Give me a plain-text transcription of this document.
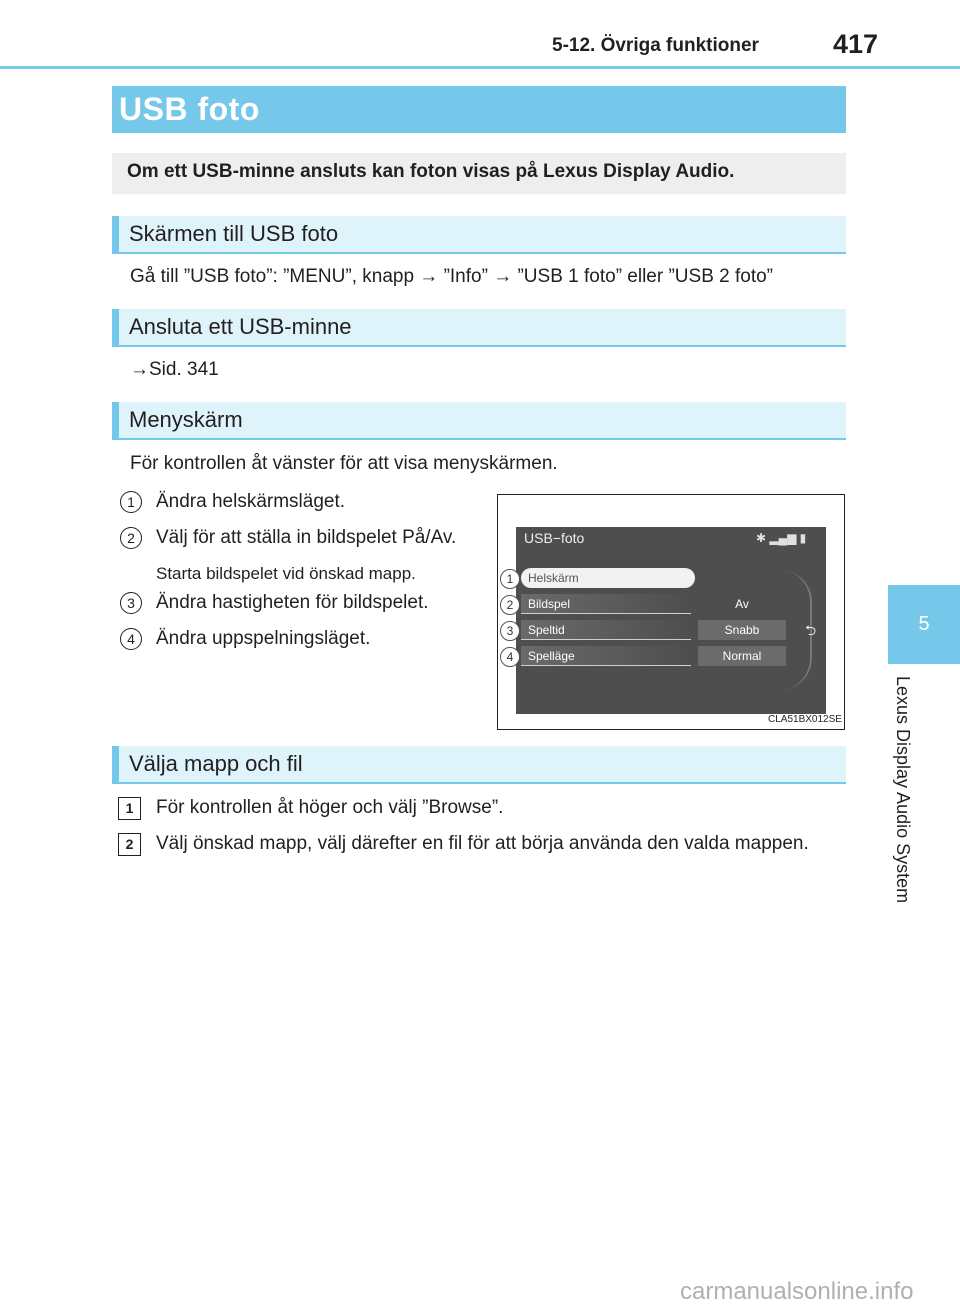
5-12. Övriga funktioner	417
5
Lexus Display Audio System
USB foto
Om ett USB-minne ansluts kan foton visas på Lexus Display Audio.
Skärmen till USB foto
Gå till ”USB foto”: ”MENU”, knapp → ”Info” → ”USB 1 foto” eller ”USB 2 foto”
Ansluta ett USB-minne
→Sid. 341
Menyskärm
För kontrollen åt vänster för att visa menyskärmen.
1	Ändra helskärmsläget.
2	Välj för att ställa in bildspelet På/Av.
Starta bildspelet vid önskad mapp.
3	Ändra hastigheten för bildspelet.
4	Ändra uppspelningsläget.
USB−foto	✱ ▂▄▆ ▮
⮌
Helskärm
Bildspel	Av
Speltid	Snabb
Spelläge	Normal
1
2
3
4
CLA51BX012SE
Välja mapp och fil
1	För kontrollen åt höger och välj ”Browse”.
2	Välj önskad mapp, välj därefter en fil för att börja använda den valda mappen.
carmanualsonline.info
